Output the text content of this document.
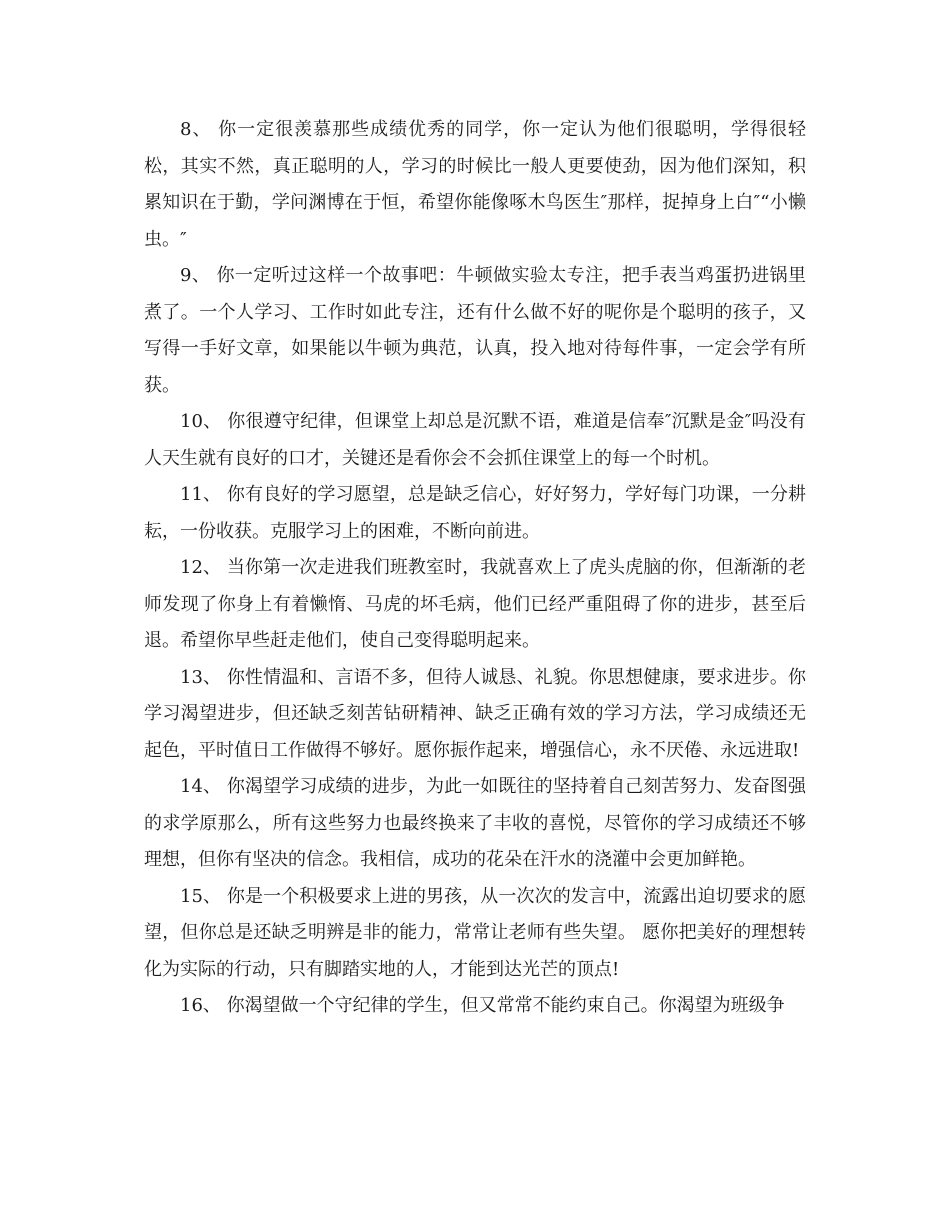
8、 你一定很羡慕那些成绩优秀的同学，你一定认为他们很聪明，学得很轻松，其实不然，真正聪明的人，学习的时候比一般人更要使劲，因为他们深知，积累知识在于勤，学问渊博在于恒，希望你能像啄木鸟医生″那样，捉掉身上白″“小懒虫。″

9、 你一定听过这样一个故事吧：牛顿做实验太专注，把手表当鸡蛋扔进锅里煮了。一个人学习、工作时如此专注，还有什么做不好的呢你是个聪明的孩子，又写得一手好文章，如果能以牛顿为典范，认真，投入地对待每件事，一定会学有所获。

10、 你很遵守纪律，但课堂上却总是沉默不语，难道是信奉″沉默是金″吗没有人天生就有良好的口才，关键还是看你会不会抓住课堂上的每一个时机。

11、 你有良好的学习愿望，总是缺乏信心，好好努力，学好每门功课，一分耕耘，一份收获。克服学习上的困难，不断向前进。

12、 当你第一次走进我们班教室时，我就喜欢上了虎头虎脑的你，但渐渐的老师发现了你身上有着懒惰、马虎的坏毛病，他们已经严重阻碍了你的进步，甚至后退。希望你早些赶走他们，使自己变得聪明起来。

13、 你性情温和、言语不多，但待人诚恳、礼貌。你思想健康，要求进步。你学习渴望进步，但还缺乏刻苦钻研精神、缺乏正确有效的学习方法，学习成绩还无起色，平时值日工作做得不够好。愿你振作起来，增强信心，永不厌倦、永远进取!

14、 你渴望学习成绩的进步，为此一如既往的坚持着自己刻苦努力、发奋图强的求学原那么，所有这些努力也最终换来了丰收的喜悦，尽管你的学习成绩还不够理想，但你有坚决的信念。我相信，成功的花朵在汗水的浇灌中会更加鲜艳。

15、 你是一个积极要求上进的男孩，从一次次的发言中，流露出迫切要求的愿望，但你总是还缺乏明辨是非的能力，常常让老师有些失望。 愿你把美好的理想转化为实际的行动，只有脚踏实地的人，才能到达光芒的顶点!

16、 你渴望做一个守纪律的学生，但又常常不能约束自己。你渴望为班级争
